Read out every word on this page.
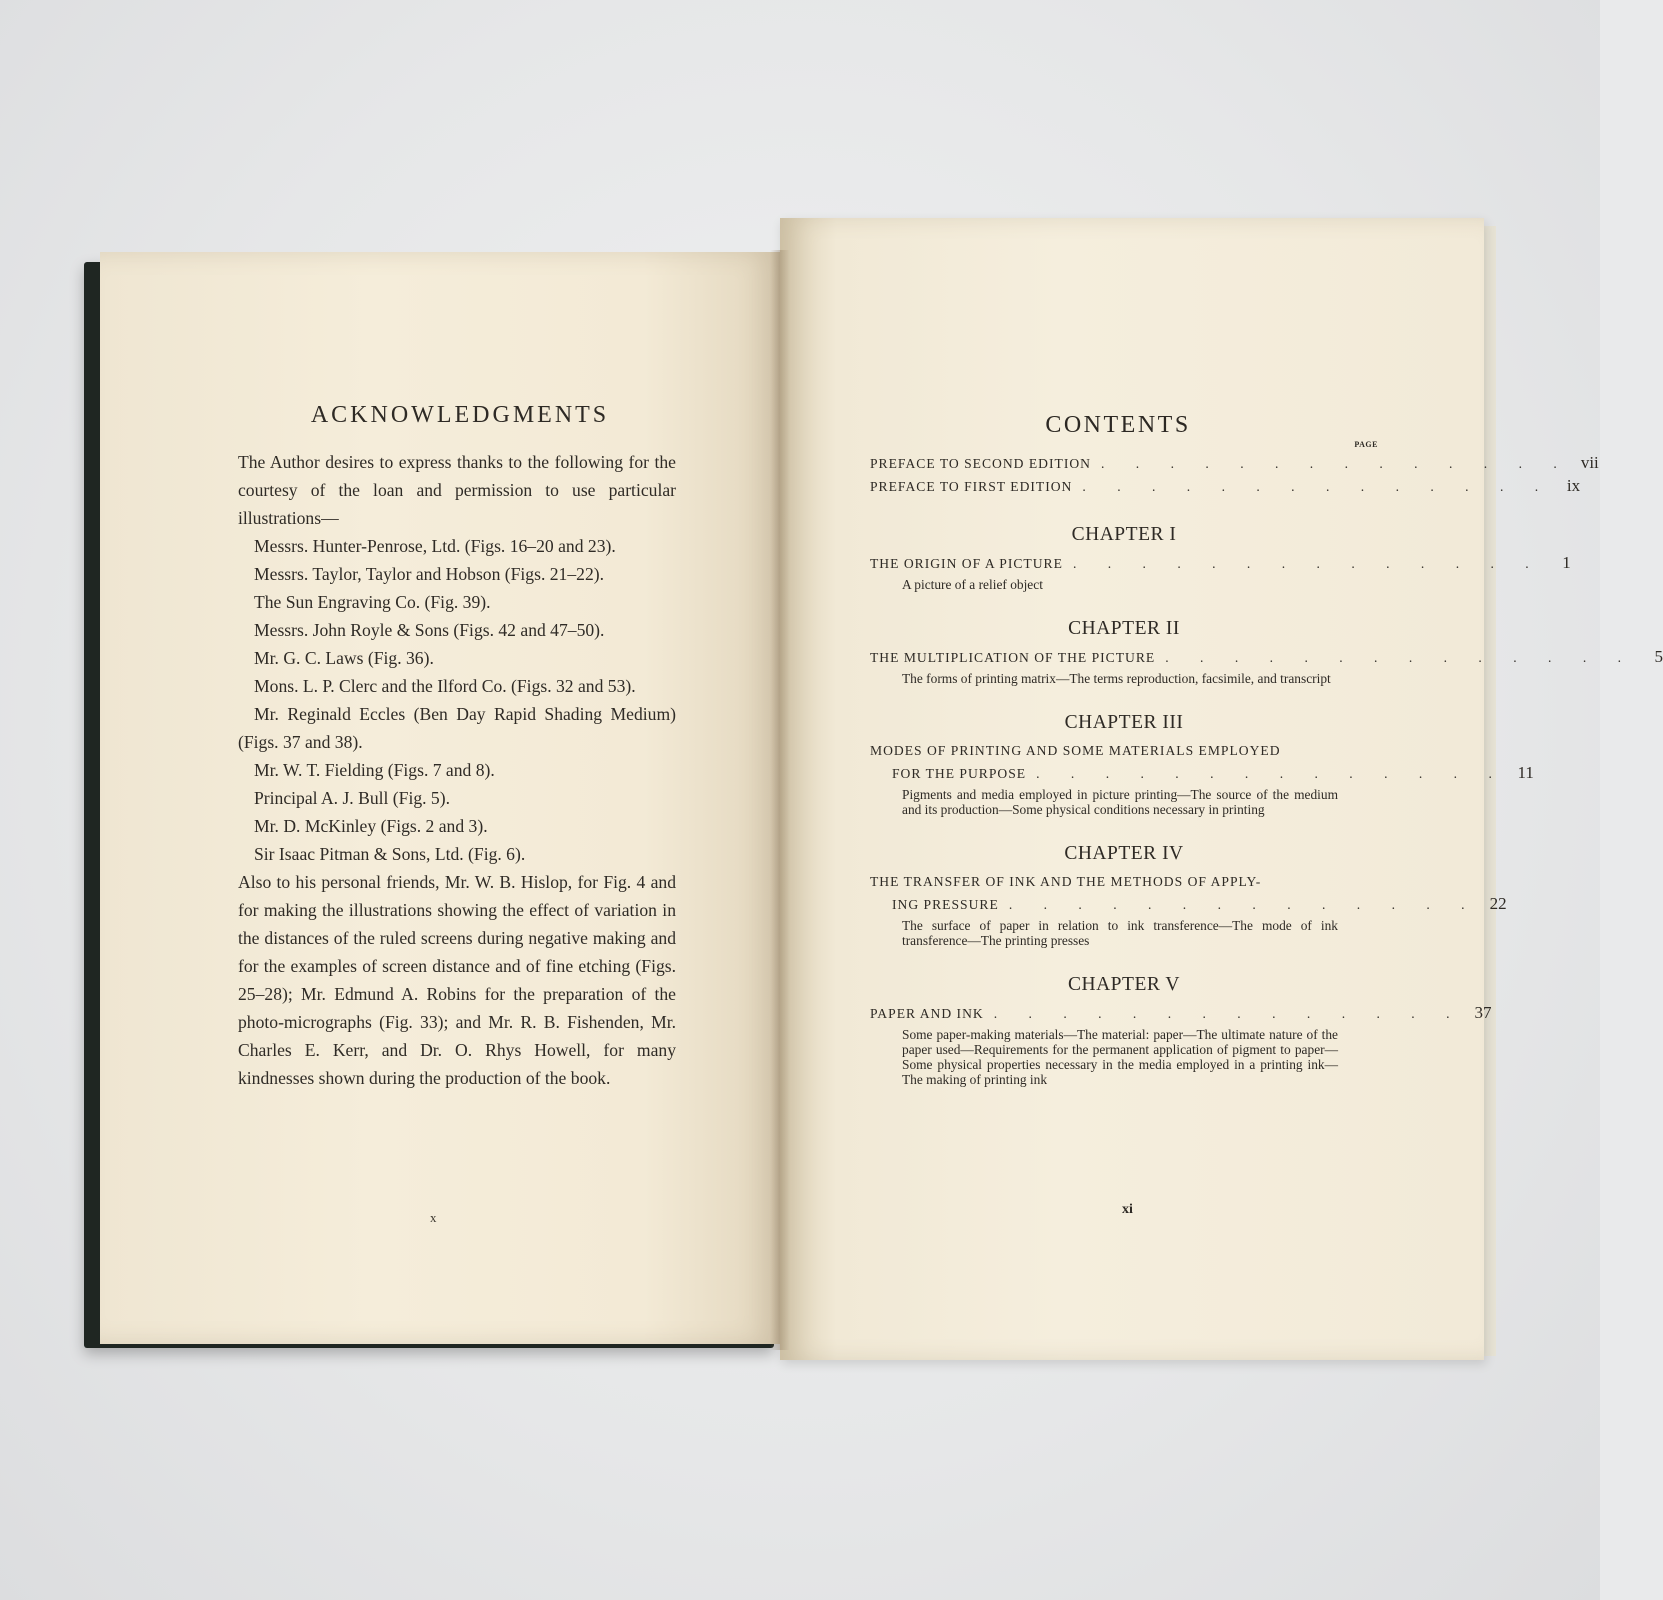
ACKNOWLEDGMENTS

The Author desires to express thanks to the following for the courtesy of the loan and permission to use particular illustrations—

Messrs. Hunter-Penrose, Ltd. (Figs. 16–20 and 23).
Messrs. Taylor, Taylor and Hobson (Figs. 21–22).
The Sun Engraving Co. (Fig. 39).
Messrs. John Royle & Sons (Figs. 42 and 47–50).
Mr. G. C. Laws (Fig. 36).
Mons. L. P. Clerc and the Ilford Co. (Figs. 32 and 53).
Mr. Reginald Eccles (Ben Day Rapid Shading Medium) (Figs. 37 and 38).
Mr. W. T. Fielding (Figs. 7 and 8).
Principal A. J. Bull (Fig. 5).
Mr. D. McKinley (Figs. 2 and 3).
Sir Isaac Pitman & Sons, Ltd. (Fig. 6).

Also to his personal friends, Mr. W. B. Hislop, for Fig. 4 and for making the illustrations showing the effect of variation in the distances of the ruled screens during negative making and for the examples of screen distance and of fine etching (Figs. 25–28); Mr. Edmund A. Robins for the preparation of the photo-micrographs (Fig. 33); and Mr. R. B. Fishenden, Mr. Charles E. Kerr, and Dr. O. Rhys Howell, for many kindnesses shown during the production of the book.

x
CONTENTS
PAGE
PREFACE TO SECOND EDITION . . . . . . . . . . . . . . vii
PREFACE TO FIRST EDITION . . . . . . . . . . . . . . ix
CHAPTER I
THE ORIGIN OF A PICTURE . . . . . . . . . . . . . .	1
A picture of a relief object
CHAPTER II
THE MULTIPLICATION OF THE PICTURE . . . . . . . . . . . . . .	5
The forms of printing matrix—The terms reproduction, facsimile, and transcript
CHAPTER III
MODES OF PRINTING AND SOME MATERIALS EMPLOYED
FOR THE PURPOSE . . . . . . . . . . . . . . 11
Pigments and media employed in picture printing—The source of the medium and its production—Some physical conditions necessary in printing
CHAPTER IV
THE TRANSFER OF INK AND THE METHODS OF APPLY-
ING PRESSURE . . . . . . . . . . . . . . 22
The surface of paper in relation to ink transference—The mode of ink transference—The printing presses
CHAPTER V
PAPER AND INK . . . . . . . . . . . . . . 37
Some paper-making materials—The material: paper—The ultimate nature of the paper used—Requirements for the permanent application of pigment to paper—Some physical properties necessary in the media employed in a printing ink—The making of printing ink
xi
